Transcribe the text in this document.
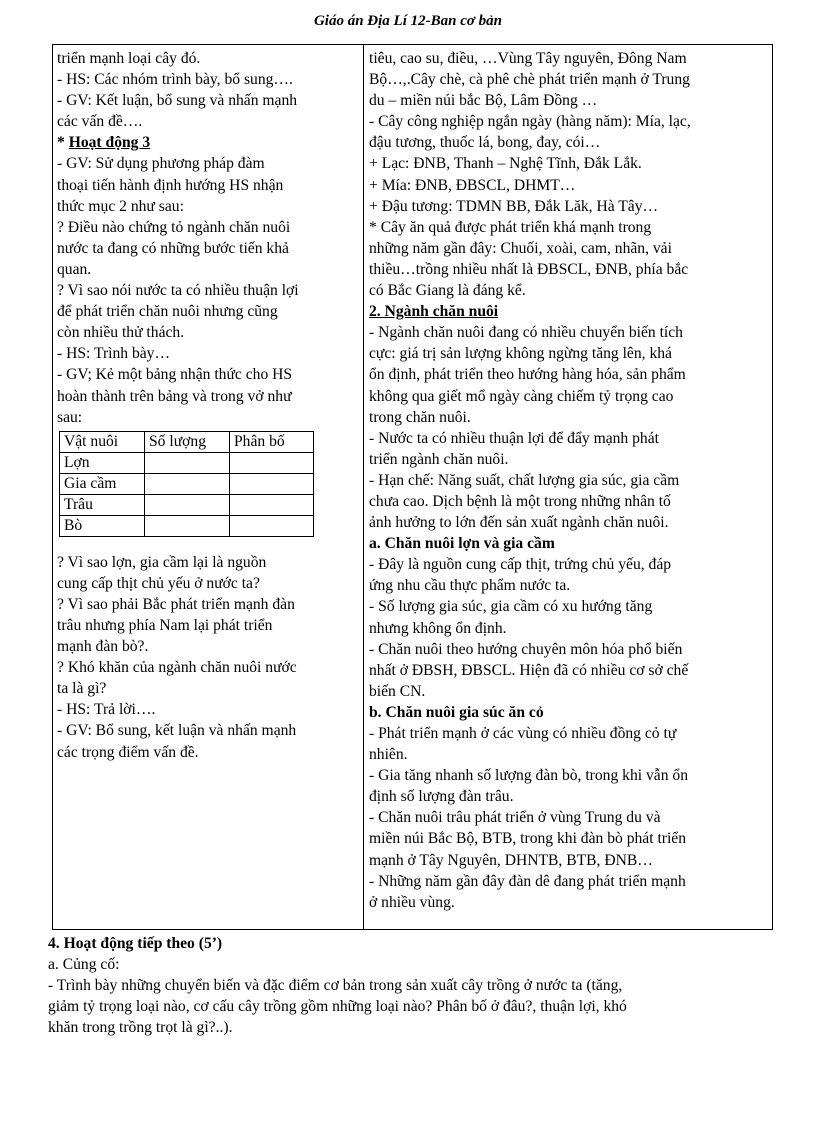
Giáo án Địa Lí 12-Ban cơ bản
triển mạnh loại cây đó.
- HS: Các nhóm trình bày, bổ sung….
- GV: Kết luận, bổ sung và nhấn mạnh
các vấn đề….
* Hoạt động 3
- GV: Sử dụng phương pháp đàm
thoại tiến hành định hướng HS nhận
thức mục 2 như sau:
? Điều nào chứng tỏ ngành chăn nuôi
nước ta đang có những bước tiến khả
quan.
? Vì sao nói nước ta có nhiều thuận lợi
để phát triển chăn nuôi nhưng cũng
còn nhiều thử thách.
- HS: Trình bày…
- GV; Kẻ một bảng nhận thức cho HS
hoàn thành trên bảng và trong vở như
sau:
Vật nuôi	Số lượng	Phân bố
Lợn		
Gia cầm		
Trâu		
Bò		
? Vì sao lợn, gia cầm lại là nguồn
cung cấp thịt chủ yếu ở nước ta?
? Vì sao phải Bắc phát triển mạnh đàn
trâu nhưng phía Nam lại phát triển
mạnh đàn bò?.
? Khó khăn của ngành chăn nuôi nước
ta là gì?
- HS: Trả lời….
- GV: Bổ sung, kết luận và nhấn mạnh
các trọng điểm vấn đề.
tiêu, cao su, điều, …Vùng Tây nguyên, Đông Nam
Bộ…,.Cây chè, cà phê chè phát triển mạnh ở Trung
du – miền núi bắc Bộ, Lâm Đồng …
- Cây công nghiệp ngắn ngày (hàng năm): Mía, lạc,
đậu tương, thuốc lá, bong, đay, cói…
+ Lạc: ĐNB, Thanh – Nghệ Tĩnh, Đắk Lắk.
+ Mía: ĐNB, ĐBSCL, DHMT…
+ Đậu tương: TDMN BB, Đắk Lăk, Hà Tây…
* Cây ăn quả được phát triển khá mạnh trong
những năm gần đây: Chuối, xoài, cam, nhãn, vải
thiều…trồng nhiều nhất là ĐBSCL, ĐNB, phía bắc
có Bắc Giang là đáng kể.
2. Ngành chăn nuôi
- Ngành chăn nuôi đang có nhiều chuyển biến tích
cực: giá trị sản lượng không ngừng tăng lên, khá
ổn định, phát triển theo hướng hàng hóa, sản phẩm
không qua giết mổ ngày càng chiếm tỷ trọng cao
trong chăn nuôi.
- Nước ta có nhiều thuận lợi để đẩy mạnh phát
triển ngành chăn nuôi.
- Hạn chế: Năng suất, chất lượng gia súc, gia cầm
chưa cao. Dịch bệnh là một trong những nhân tố
ảnh hưởng to lớn đến sản xuất ngành chăn nuôi.
a. Chăn nuôi lợn và gia cầm
- Đây là nguồn cung cấp thịt, trứng chủ yếu, đáp
ứng nhu cầu thực phẩm nước ta.
- Số lượng gia súc, gia cầm có xu hướng tăng
nhưng không ổn định.
- Chăn nuôi theo hướng chuyên môn hóa phổ biến
nhất ở ĐBSH, ĐBSCL. Hiện đã có nhiều cơ sở chế
biến CN.
b. Chăn nuôi gia súc ăn cỏ
- Phát triển mạnh ở các vùng có nhiều đồng cỏ tự
nhiên.
- Gia tăng nhanh số lượng đàn bò, trong khi vẫn ổn
định số lượng đàn trâu.
- Chăn nuôi trâu phát triển ở vùng Trung du và
miền núi Bắc Bộ, BTB, trong khi đàn bò phát triển
mạnh ở Tây Nguyên, DHNTB, BTB, ĐNB…
- Những năm gần đây đàn dê đang phát triển mạnh
ở nhiều vùng.
4. Hoạt động tiếp theo (5’)
a. Củng cố:
- Trình bày những chuyển biến và đặc điểm cơ bản trong sản xuất cây trồng ở nước ta (tăng,
giảm tỷ trọng loại nào, cơ cấu cây trồng gồm những loại nào? Phân bố ở đâu?, thuận lợi, khó
khăn trong trồng trọt là gì?..).
